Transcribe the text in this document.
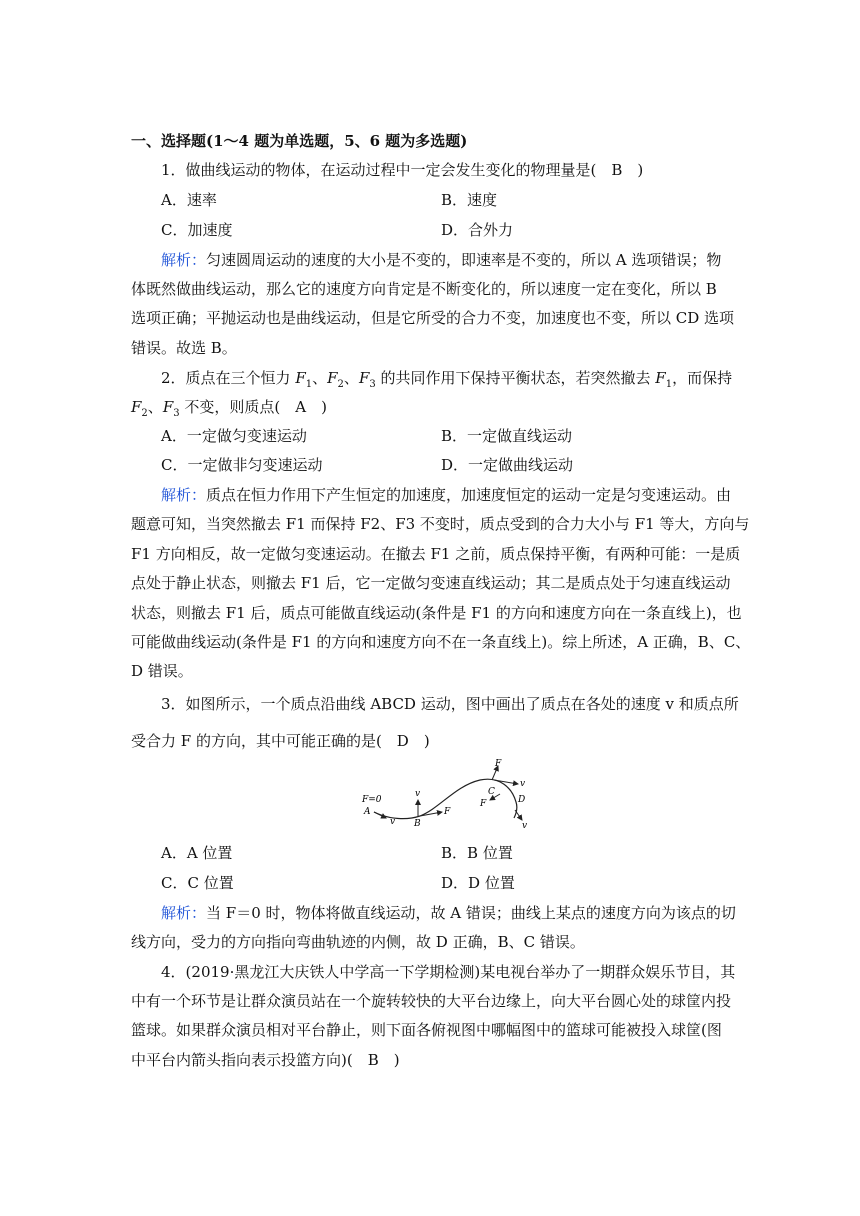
一、选择题(1～4 题为单选题，5、6 题为多选题)
1．做曲线运动的物体，在运动过程中一定会发生变化的物理量是(　B　)
A．速率	B．速度
C．加速度	D．合外力
解析：匀速圆周运动的速度的大小是不变的，即速率是不变的，所以 A 选项错误；物
体既然做曲线运动，那么它的速度方向肯定是不断变化的，所以速度一定在变化，所以 B
选项正确；平抛运动也是曲线运动，但是它所受的合力不变，加速度也不变，所以 CD 选项
错误。故选 B。
2．质点在三个恒力 $F_1$、$F_2$、$F_3$ 的共同作用下保持平衡状态，若突然撤去 $F_1$，而保持
$F_2$、$F_3$ 不变，则质点(　A　)
A．一定做匀变速运动	B．一定做直线运动
C．一定做非匀变速运动	D．一定做曲线运动
解析：质点在恒力作用下产生恒定的加速度，加速度恒定的运动一定是匀变速运动。由
题意可知，当突然撤去 F1 而保持 F2、F3 不变时，质点受到的合力大小与 F1 等大，方向与
F1 方向相反，故一定做匀变速运动。在撤去 F1 之前，质点保持平衡，有两种可能：一是质
点处于静止状态，则撤去 F1 后，它一定做匀变速直线运动；其二是质点处于匀速直线运动
状态，则撤去 F1 后，质点可能做直线运动(条件是 F1 的方向和速度方向在一条直线上)，也
可能做曲线运动(条件是 F1 的方向和速度方向不在一条直线上)。综上所述，A 正确，B、C、
D 错误。
3．如图所示，一个质点沿曲线 ABCD 运动，图中画出了质点在各处的速度 v 和质点所
受合力 F 的方向，其中可能正确的是(　D　)
F=0
A
v
v
B
F
F
v
C
F	D
v
A．A 位置	B．B 位置
C．C 位置	D．D 位置
解析：当 F＝0 时，物体将做直线运动，故 A 错误；曲线上某点的速度方向为该点的切
线方向，受力的方向指向弯曲轨迹的内侧，故 D 正确，B、C 错误。
4．(2019·黑龙江大庆铁人中学高一下学期检测)某电视台举办了一期群众娱乐节目，其
中有一个环节是让群众演员站在一个旋转较快的大平台边缘上，向大平台圆心处的球筐内投
篮球。如果群众演员相对平台静止，则下面各俯视图中哪幅图中的篮球可能被投入球筐(图
中平台内箭头指向表示投篮方向)(　B　)
